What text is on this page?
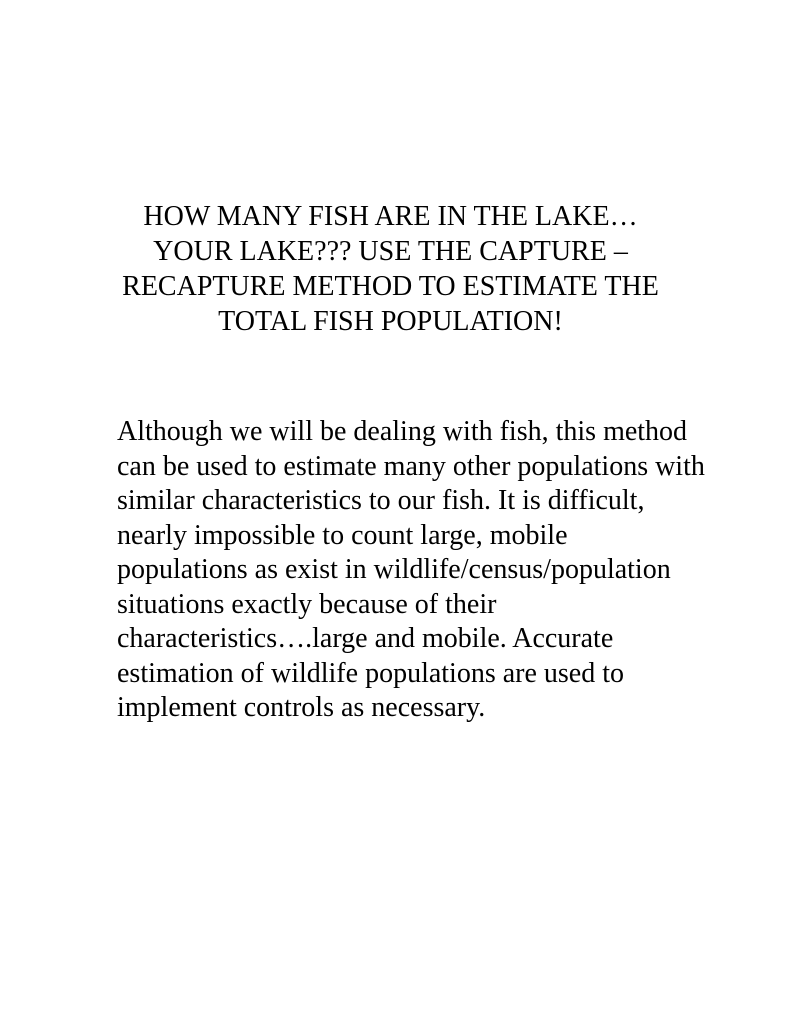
HOW MANY FISH ARE IN THE LAKE…
YOUR LAKE??? USE THE CAPTURE –
RECAPTURE METHOD TO ESTIMATE THE
TOTAL FISH POPULATION!

Although we will be dealing with fish, this method
can be used to estimate many other populations with
similar characteristics to our fish. It is difficult,
nearly impossible to count large, mobile
populations as exist in wildlife/census/population
situations exactly because of their
characteristics….large and mobile. Accurate
estimation of wildlife populations are used to
implement controls as necessary.
